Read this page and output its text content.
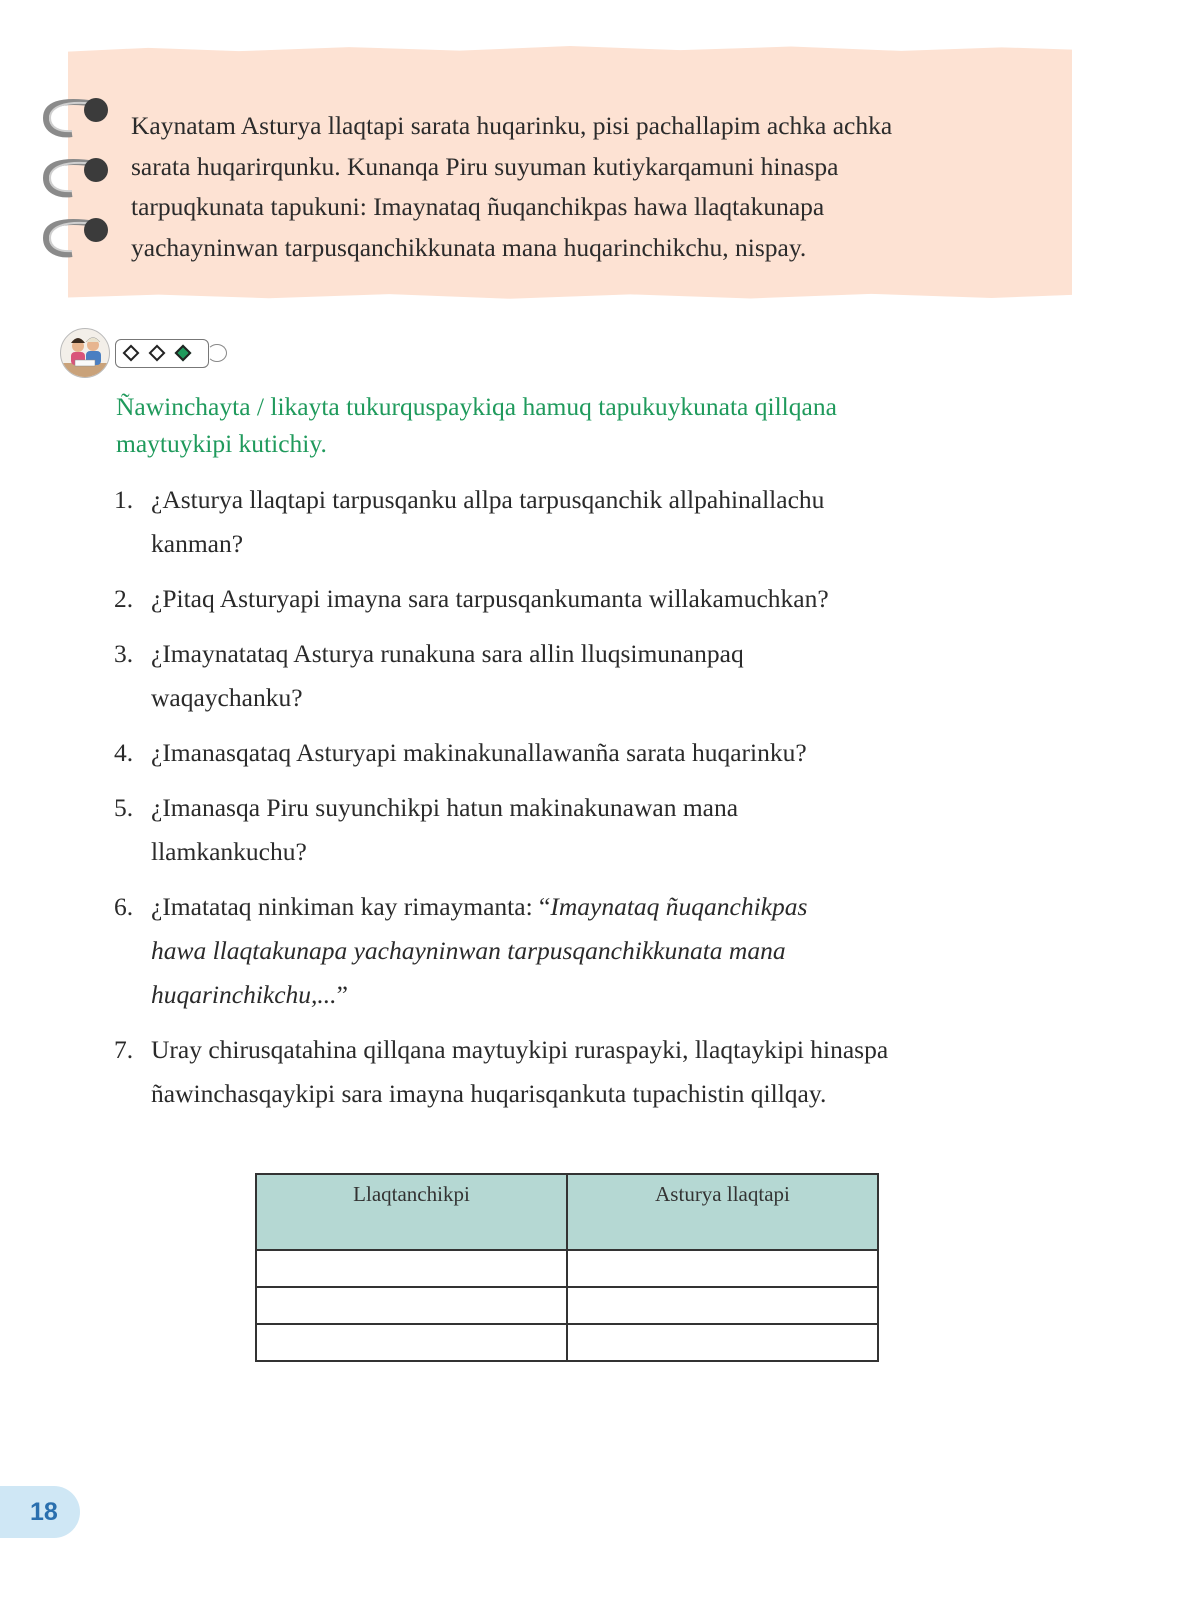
Kaynatam Asturya llaqtapi sarata huqarinku, pisi pachallapim achka achka
sarata huqarirqunku. Kunanqa Piru suyuman kutiykarqamuni hinaspa
tarpuqkunata tapukuni: Imaynataq ñuqanchikpas hawa llaqtakunapa
yachayninwan tarpusqanchikkunata mana huqarinchikchu, nispay.
Ñawinchayta / likayta tukurquspaykiqa hamuq tapukuykunata qillqana
maytuykipi kutichiy.
1. ¿Asturya llaqtapi tarpusqanku allpa tarpusqanchik allpahinallachu
kanman?
2. ¿Pitaq Asturyapi imayna sara tarpusqankumanta willakamuchkan?
3. ¿Imaynatataq Asturya runakuna sara allin lluqsimunanpaq
waqaychanku?
4. ¿Imanasqataq Asturyapi makinakunallawanña sarata huqarinku?
5. ¿Imanasqa Piru suyunchikpi hatun makinakunawan mana
llamkankuchu?
6. ¿Imatataq ninkiman kay rimaymanta: “Imaynataq ñuqanchikpas
hawa llaqtakunapa yachayninwan tarpusqanchikkunata mana
huqarinchikchu,...”
7. Uray chirusqatahina qillqana maytuykipi ruraspayki, llaqtaykipi hinaspa
ñawinchasqaykipi sara imayna huqarisqankuta tupachistin qillqay.
Llaqtanchikpi	Asturya llaqtapi

18
